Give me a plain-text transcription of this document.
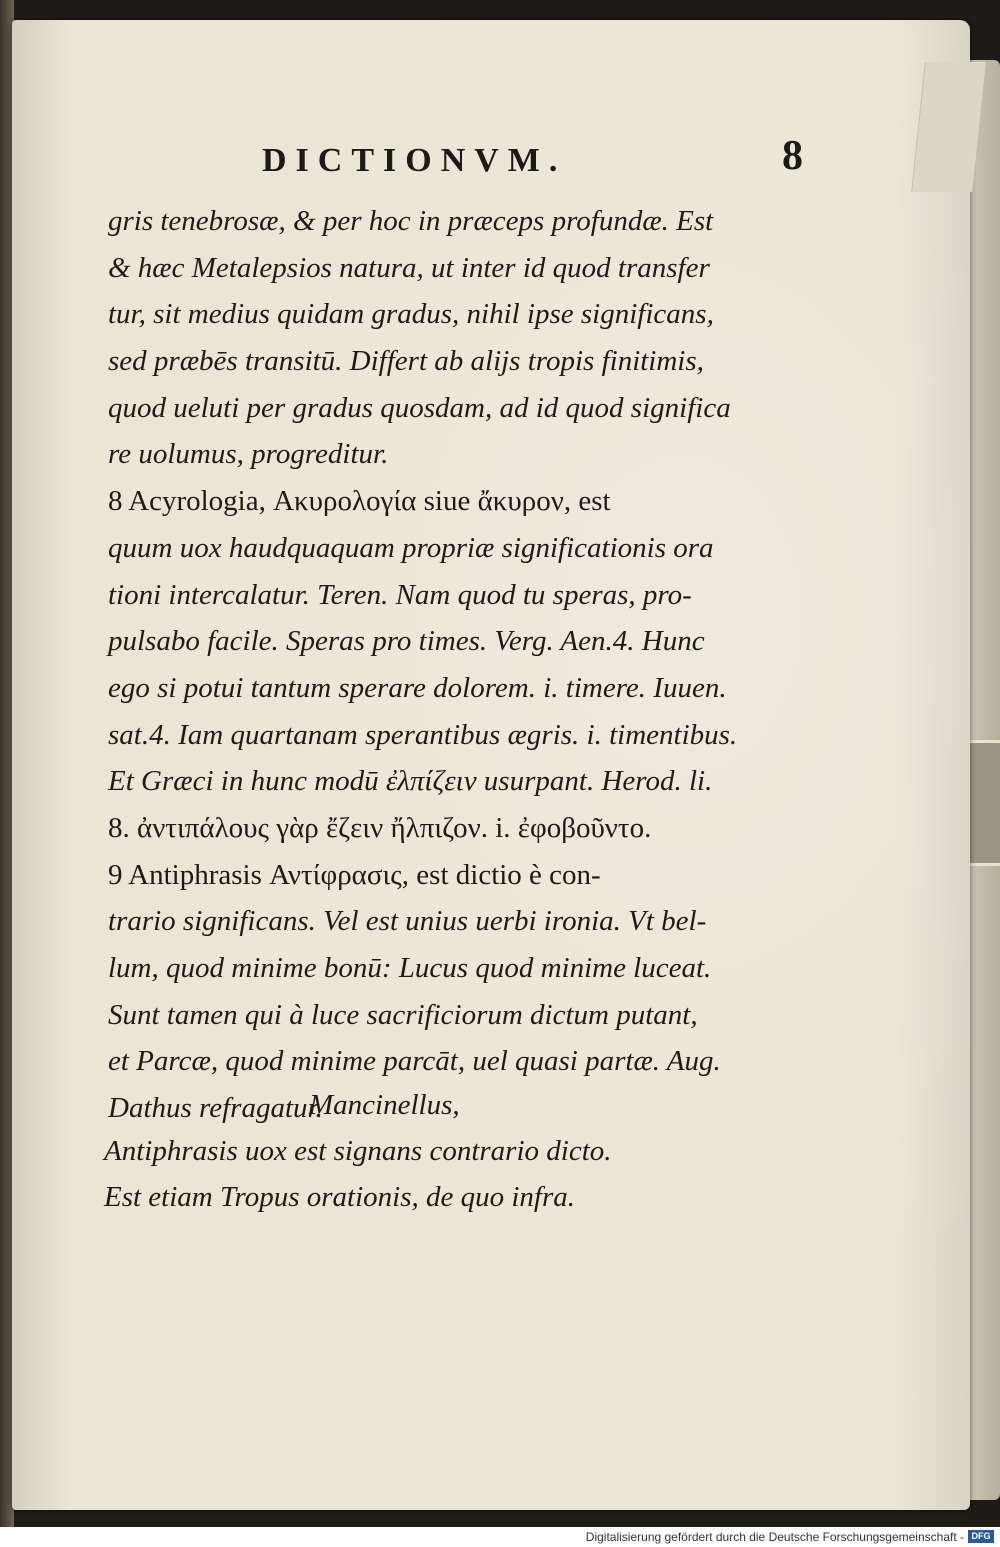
DICTIONVM.	8
gris tenebrosæ, & per hoc in præceps profundæ. Est
& hæc Metalepsios natura, ut inter id quod transfer
tur, sit medius quidam gradus, nihil ipse significans,
sed præbēs transitū. Differt ab alijs tropis finitimis,
quod ueluti per gradus quosdam, ad id quod significa
re uolumus, progreditur.
8 Acyrologia, Ακυρολογία siue ἄκυρον, est
quum uox haudquaquam propriæ significationis ora
tioni intercalatur. Teren. Nam quod tu speras, pro-
pulsabo facile. Speras pro times. Verg. Aen.4. Hunc
ego si potui tantum sperare dolorem. i. timere. Iuuen.
sat.4. Iam quartanam sperantibus ægris. i. timentibus.
Et Græci in hunc modū ἐλπίζειν usurpant. Herod. li.
8. ἀντιπάλους γὰρ ἔζειν ἤλπιζον. i. ἐφοβοῦντο.
9 Antiphrasis Αντίφρασις, est dictio è con-
trario significans. Vel est unius uerbi ironia. Vt bel-
lum, quod minime bonū: Lucus quod minime luceat.
Sunt tamen qui à luce sacrificiorum dictum putant,
et Parcæ, quod minime parcāt, uel quasi partæ. Aug.
Dathus refragatur.
Mancinellus,
Antiphrasis uox est signans contrario dicto.
Est etiam Tropus orationis, de quo infra.
Digitalisierung gefördert durch die Deutsche Forschungsgemeinschaft - DFG
